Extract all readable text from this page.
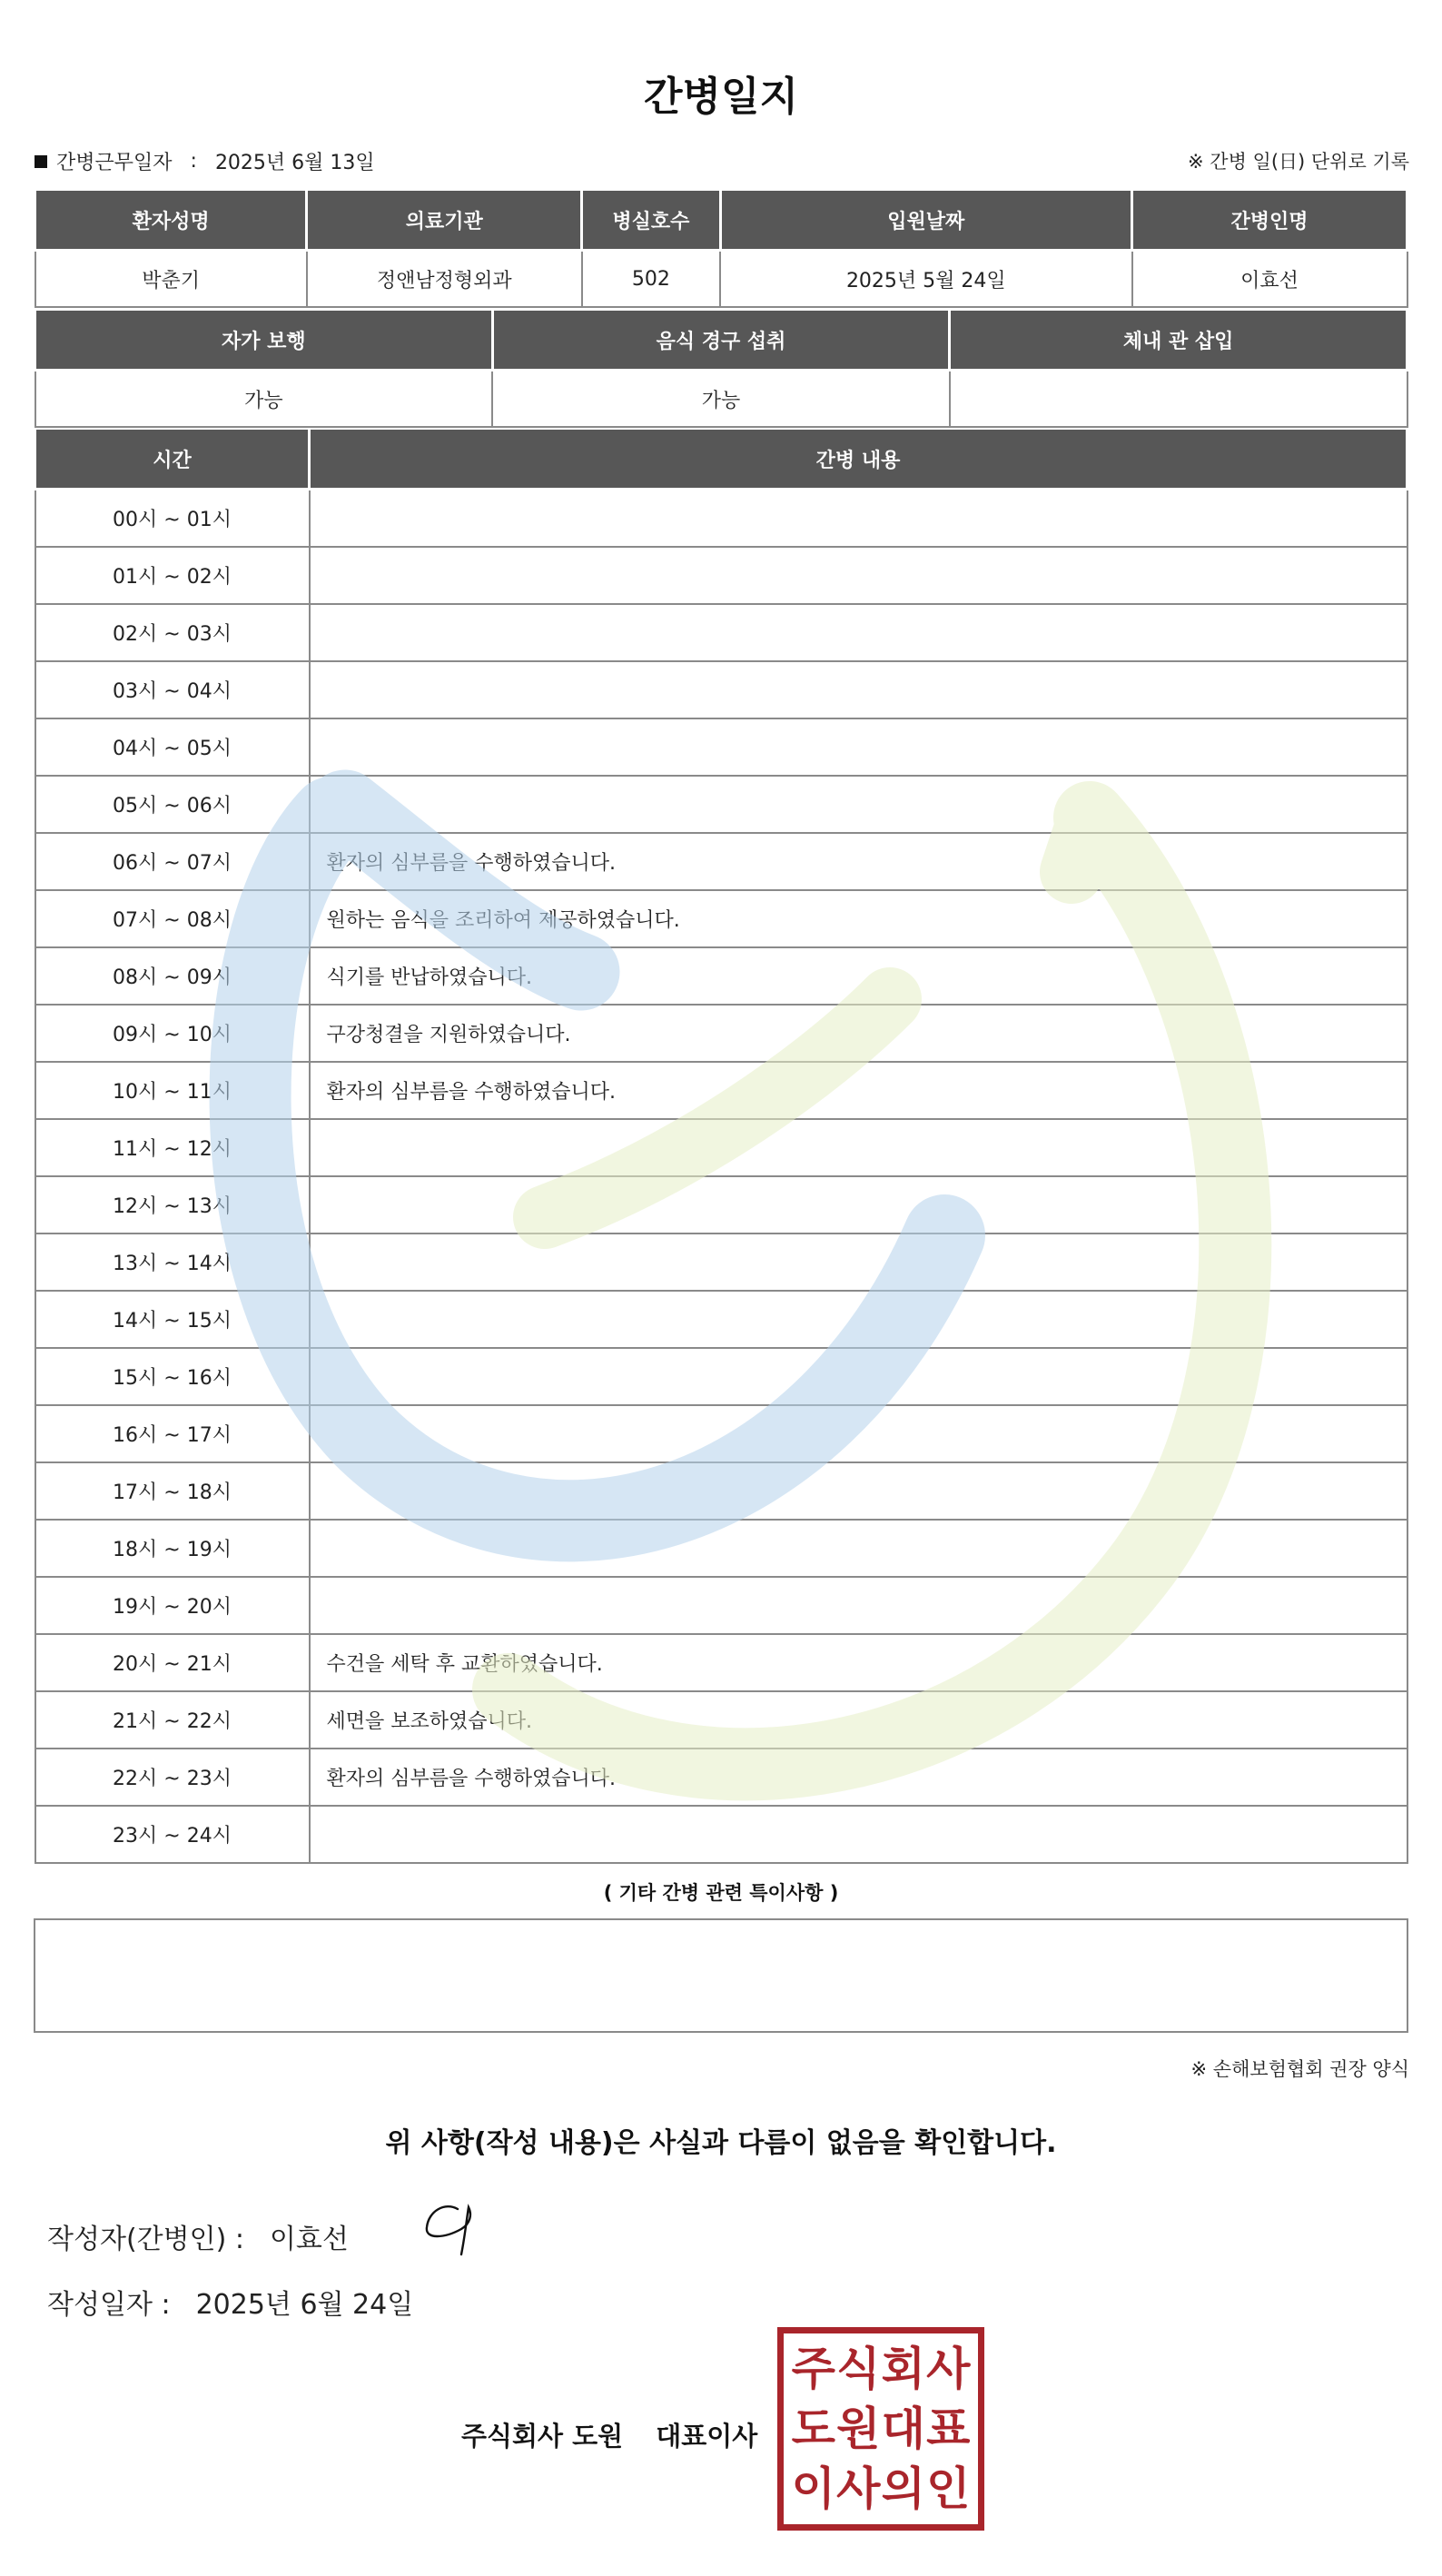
간병일지
간병근무일자 : 2025년 6월 13일	※ 간병 일(日) 단위로 기록
환자성명	의료기관	병실호수	입원날짜	간병인명
박춘기	정앤남정형외과	502	2025년 5월 24일	이효선
자가 보행	음식 경구 섭취	체내 관 삽입
가능	가능	
시간	간병 내용
00시 ~ 01시	
01시 ~ 02시	
02시 ~ 03시	
03시 ~ 04시	
04시 ~ 05시	
05시 ~ 06시	
06시 ~ 07시	환자의 심부름을 수행하였습니다.
07시 ~ 08시	원하는 음식을 조리하여 제공하였습니다.
08시 ~ 09시	식기를 반납하였습니다.
09시 ~ 10시	구강청결을 지원하였습니다.
10시 ~ 11시	환자의 심부름을 수행하였습니다.
11시 ~ 12시	
12시 ~ 13시	
13시 ~ 14시	
14시 ~ 15시	
15시 ~ 16시	
16시 ~ 17시	
17시 ~ 18시	
18시 ~ 19시	
19시 ~ 20시	
20시 ~ 21시	수건을 세탁 후 교환하였습니다.
21시 ~ 22시	세면을 보조하였습니다.
22시 ~ 23시	환자의 심부름을 수행하였습니다.
23시 ~ 24시	
( 기타 간병 관련 특이사항 )
※ 손해보험협회 권장 양식
위 사항(작성 내용)은 사실과 다름이 없음을 확인합니다.
작성자(간병인) : 이효선
작성일자 : 2025년 6월 24일
주식회사 도원 대표이사
주 식 회 사
도 원 대 표
이 사 의 인
